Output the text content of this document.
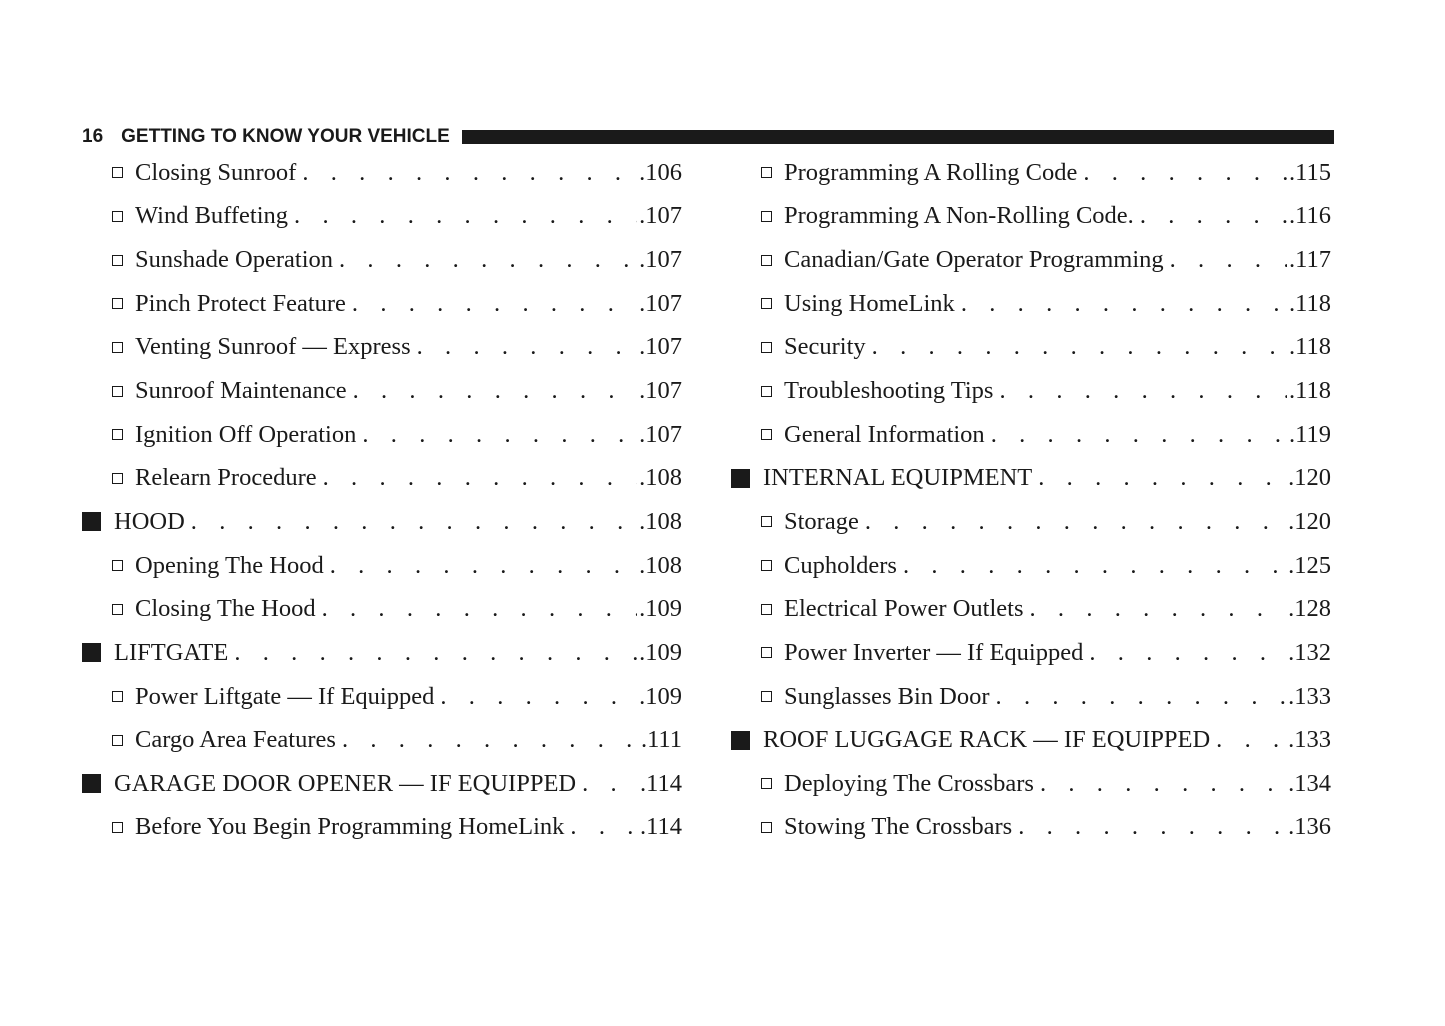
16 GETTING TO KNOW YOUR VEHICLE
Closing Sunroof . . .	.106
Wind Buffeting . . .	.107
Sunshade Operation . . .	.107
Pinch Protect Feature . . .	.107
Venting Sunroof — Express . . .	.107
Sunroof Maintenance . . .	.107
Ignition Off Operation . . .	.107
Relearn Procedure . . .	.108
HOOD . . .	.108
Opening The Hood . . .	.108
Closing The Hood . . .	.109
LIFTGATE . . .	.109
Power Liftgate — If Equipped . . .	.109
Cargo Area Features . . .	.111
GARAGE DOOR OPENER — IF EQUIPPED . . .	.114
Before You Begin Programming HomeLink . . .	.114
Programming A Rolling Code . . .	.115
Programming A Non-Rolling Code. . . .	.116
Canadian/Gate Operator Programming . . .	.117
Using HomeLink . . .	.118
Security . . .	.118
Troubleshooting Tips . . .	.118
General Information . . .	.119
INTERNAL EQUIPMENT . . .	.120
Storage . . .	.120
Cupholders . . .	.125
Electrical Power Outlets . . .	.128
Power Inverter — If Equipped . . .	.132
Sunglasses Bin Door . . .	.133
ROOF LUGGAGE RACK — IF EQUIPPED . . .	.133
Deploying The Crossbars . . .	.134
Stowing The Crossbars . . .	.136
